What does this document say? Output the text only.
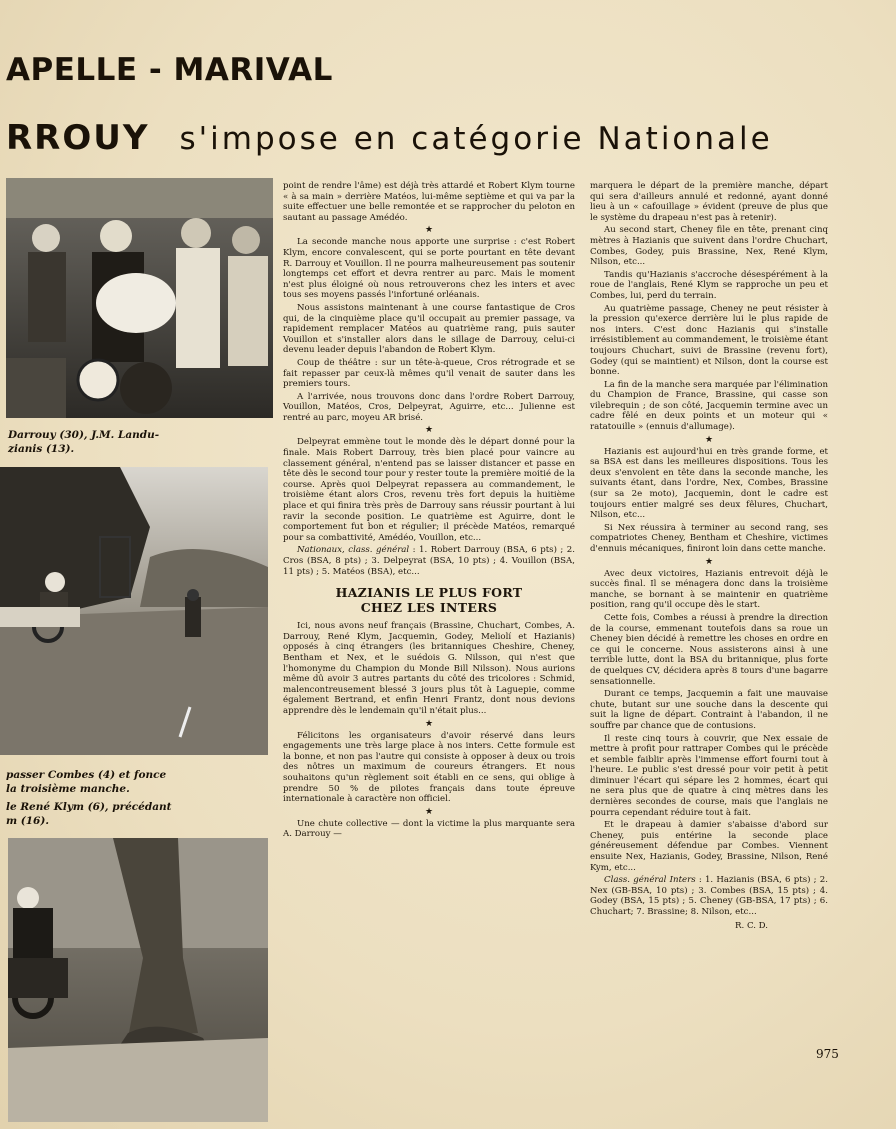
APELLE - MARIVAL
RROUY s'impose en catégorie Nationale
Darrouy (30), J.M. Landu-
zianis (13).
passer Combes (4) et fonce
la troisième manche.
le René Klym (6), précédant
m (16).

point de rendre l'âme) est déjà très attardé et Robert Klym tourne « à sa main » derrière Matéos, lui-même septième et qui va par la suite effectuer une belle remontée et se rapprocher du peloton en sautant au passage Amédéo.

★

La seconde manche nous apporte une surprise : c'est Robert Klym, encore convalescent, qui se porte pourtant en tête devant R. Darrouy et Vouillon. Il ne pourra malheureusement pas soutenir longtemps cet effort et devra rentrer au parc. Mais le moment n'est plus éloigné où nous retrouverons chez les inters et avec tous ses moyens passés l'infortuné orléanais.

Nous assistons maintenant à une course fantastique de Cros qui, de la cinquième place qu'il occupait au premier passage, va rapidement remplacer Matéos au quatrième rang, puis sauter Vouillon et s'installer alors dans le sillage de Darrouy, celui-ci devenu leader depuis l'abandon de Robert Klym.

Coup de théâtre : sur un tête-à-queue, Cros rétrograde et se fait repasser par ceux-là mêmes qu'il venait de sauter dans les premiers tours.

A l'arrivée, nous trouvons donc dans l'ordre Robert Darrouy, Vouillon, Matéos, Cros, Delpeyrat, Aguirre, etc... Julienne est rentré au parc, moyeu AR brisé.

★

Delpeyrat emmène tout le monde dès le départ donné pour la finale. Mais Robert Darrouy, très bien placé pour vaincre au classement général, n'entend pas se laisser distancer et passe en tête dès le second tour pour y rester toute la première moitié de la course. Après quoi Delpeyrat repassera au commandement, le troisième étant alors Cros, revenu très fort depuis la huitième place et qui finira très près de Darrouy sans réussir pourtant à lui ravir la seconde position. Le quatrième est Aguirre, dont le comportement fut bon et régulier; il précède Matéos, remarqué pour sa combattivité, Amédéo, Vouillon, etc...

Nationaux, class. général : 1. Robert Darrouy (BSA, 6 pts) ; 2. Cros (BSA, 8 pts) ; 3. Delpeyrat (BSA, 10 pts) ; 4. Vouillon (BSA, 11 pts) ; 5. Matéos (BSA), etc...

HAZIANIS LE PLUS FORT
CHEZ LES INTERS

Ici, nous avons neuf français (Brassine, Chuchart, Combes, A. Darrouy, René Klym, Jacquemin, Godey, Meliolí et Hazianis) opposés à cinq étrangers (les britanniques Cheshire, Cheney, Bentham et Nex, et le suédois G. Nilsson, qui n'est que l'homonyme du Champion du Monde Bill Nilsson). Nous aurions même dû avoir 3 autres partants du côté des tricolores : Schmid, malencontreusement blessé 3 jours plus tôt à Laguepie, comme également Bertrand, et enfin Henri Frantz, dont nous devions apprendre dès le lendemain qu'il n'était plus...

★

Félicitons les organisateurs d'avoir réservé dans leurs engagements une très large place à nos inters. Cette formule est la bonne, et non pas l'autre qui consiste à opposer à deux ou trois des nôtres un maximum de coureurs étrangers. Et nous souhaitons qu'un règlement soit établi en ce sens, qui oblige à prendre 50 % de pilotes français dans toute épreuve internationale à caractère non officiel.

★

Une chute collective — dont la victime la plus marquante sera A. Darrouy —

marquera le départ de la première manche, départ qui sera d'ailleurs annulé et redonné, ayant donné lieu à un « cafouillage » évident (preuve de plus que le système du drapeau n'est pas à retenir).

Au second start, Cheney file en tête, prenant cinq mètres à Hazianis que suivent dans l'ordre Chuchart, Combes, Godey, puis Brassine, Nex, René Klym, Nilson, etc...

Tandis qu'Hazianis s'accroche désespérément à la roue de l'anglais, René Klym se rapproche un peu et Combes, lui, perd du terrain.

Au quatrième passage, Cheney ne peut résister à la pression qu'exerce derrière lui le plus rapide de nos inters. C'est donc Hazianis qui s'installe irrésistiblement au commandement, le troisième étant toujours Chuchart, suivi de Brassine (revenu fort), Godey (qui se maintient) et Nilson, dont la course est bonne.

La fin de la manche sera marquée par l'élimination du Champion de France, Brassine, qui casse son vilebrequin ; de son côté, Jacquemin termine avec un cadre fêlé en deux points et un moteur qui « ratatouille » (ennuis d'allumage).

★

Hazianis est aujourd'hui en très grande forme, et sa BSA est dans les meilleures dispositions. Tous les deux s'envolent en tête dans la seconde manche, les suivants étant, dans l'ordre, Nex, Combes, Brassine (sur sa 2e moto), Jacquemin, dont le cadre est toujours entier malgré ses deux fêlures, Chuchart, Nilson, etc...

Si Nex réussira à terminer au second rang, ses compatriotes Cheney, Bentham et Cheshire, victimes d'ennuis mécaniques, finiront loin dans cette manche.

★

Avec deux victoires, Hazianis entrevoit déjà le succès final. Il se ménagera donc dans la troisième manche, se bornant à se maintenir en quatrième position, rang qu'il occupe dès le start.

Cette fois, Combes a réussi à prendre la direction de la course, emmenant toutefois dans sa roue un Cheney bien décidé à remettre les choses en ordre en ce qui le concerne. Nous assisterons ainsi à une terrible lutte, dont la BSA du britannique, plus forte de quelques CV, décidera après 8 tours d'une bagarre sensationnelle.

Durant ce temps, Jacquemin a fait une mauvaise chute, butant sur une souche dans la descente qui suit la ligne de départ. Contraint à l'abandon, il ne souffre par chance que de contusions.

Il reste cinq tours à couvrir, que Nex essaie de mettre à profit pour rattraper Combes qui le précède et semble faiblir après l'immense effort fourni tout à l'heure. Le public s'est dressé pour voir petit à petit diminuer l'écart qui sépare les 2 hommes, écart qui ne sera plus que de quatre à cinq mètres dans les dernières secondes de course, mais que l'anglais ne pourra cependant réduire tout à fait.

Et le drapeau à damier s'abaisse d'abord sur Cheney, puis entérine la seconde place généreusement défendue par Combes. Viennent ensuite Nex, Hazianis, Godey, Brassine, Nilson, René Kym, etc...

Class. général Inters : 1. Hazianis (BSA, 6 pts) ; 2. Nex (GB-BSA, 10 pts) ; 3. Combes (BSA, 15 pts) ; 4. Godey (BSA, 15 pts) ; 5. Cheney (GB-BSA, 17 pts) ; 6. Chuchart; 7. Brassine; 8. Nilson, etc...

R. C. D.
975
